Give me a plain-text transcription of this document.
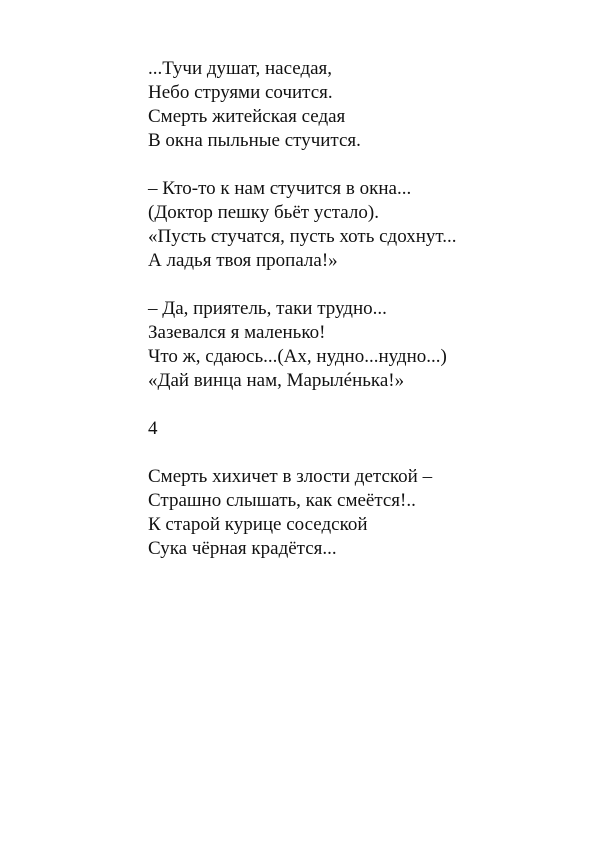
...Тучи душат, наседая,
Небо струями сочится.
Смерть житейская седая
В окна пыльные стучится.
– Кто-то к нам стучится в окна...
(Доктор пешку бьёт устало).
«Пусть стучатся, пусть хоть сдохнут...
А ладья твоя пропала!»
– Да, приятель, таки трудно...
Зазевался я маленько!
Что ж, сдаюсь...(Ах, нудно...нудно...)
«Дай винца нам, Марылéнька!»
4
Смерть хихичет в злости детской –
Страшно слышать, как смеётся!..
К старой курице соседской
Сука чёрная крадётся...
